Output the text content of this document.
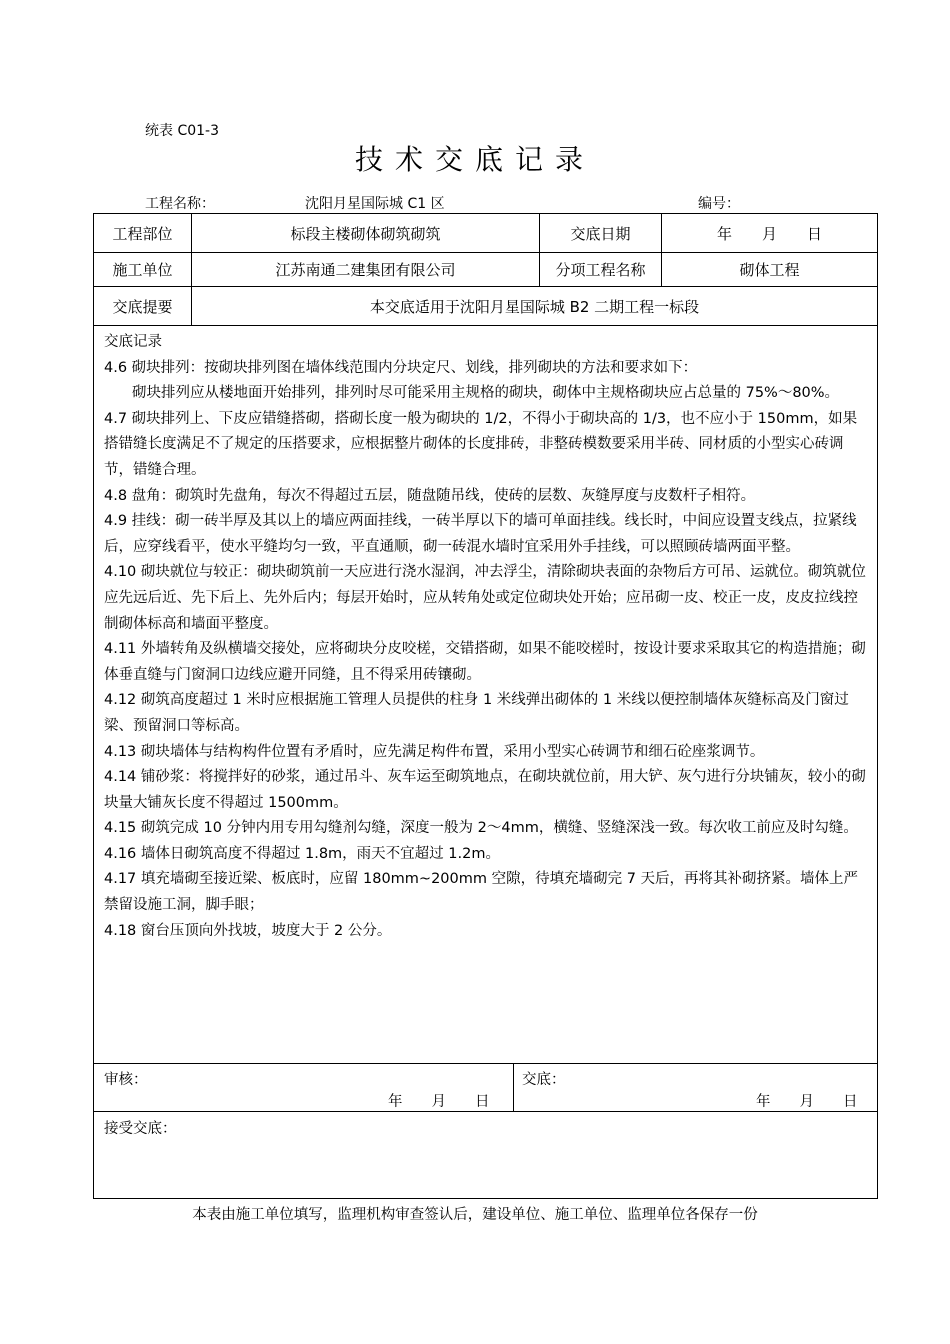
统表 C01-3
技术交底记录
工程名称：	沈阳月星国际城 C1 区	编号：
工程部位	标段主楼砌体砌筑砌筑	交底日期	年　　月　　日
施工单位	江苏南通二建集团有限公司	分项工程名称	砌体工程
交底提要	本交底适用于沈阳月星国际城 B2 二期工程一标段

交底记录

4.6 砌块排列：按砌块排列图在墙体线范围内分块定尺、划线，排列砌块的方法和要求如下：

砌块排列应从楼地面开始排列，排列时尽可能采用主规格的砌块，砌体中主规格砌块应占总量的 75%～80%。

4.7 砌块排列上、下皮应错缝搭砌，搭砌长度一般为砌块的 1/2，不得小于砌块高的 1/3，也不应小于 150mm，如果搭错缝长度满足不了规定的压搭要求，应根据整片砌体的长度排砖，非整砖模数要采用半砖、同材质的小型实心砖调节，错缝合理。

4.8 盘角：砌筑时先盘角，每次不得超过五层，随盘随吊线，使砖的层数、灰缝厚度与皮数杆子相符。

4.9 挂线：砌一砖半厚及其以上的墙应两面挂线，一砖半厚以下的墙可单面挂线。线长时，中间应设置支线点，拉紧线后，应穿线看平，使水平缝均匀一致，平直通顺，砌一砖混水墙时宜采用外手挂线，可以照顾砖墙两面平整。

4.10 砌块就位与较正：砌块砌筑前一天应进行浇水湿润，冲去浮尘，清除砌块表面的杂物后方可吊、运就位。砌筑就位应先远后近、先下后上、先外后内；每层开始时，应从转角处或定位砌块处开始；应吊砌一皮、校正一皮，皮皮拉线控制砌体标高和墙面平整度。

4.11 外墙转角及纵横墙交接处，应将砌块分皮咬槎，交错搭砌，如果不能咬槎时，按设计要求采取其它的构造措施；砌体垂直缝与门窗洞口边线应避开同缝，且不得采用砖镶砌。

4.12 砌筑高度超过 1 米时应根据施工管理人员提供的柱身 1 米线弹出砌体的 1 米线以便控制墙体灰缝标高及门窗过梁、预留洞口等标高。

4.13 砌块墙体与结构构件位置有矛盾时，应先满足构件布置，采用小型实心砖调节和细石砼座浆调节。

4.14 铺砂浆：将搅拌好的砂浆，通过吊斗、灰车运至砌筑地点，在砌块就位前，用大铲、灰勺进行分块铺灰，较小的砌块量大铺灰长度不得超过 1500mm。

4.15 砌筑完成 10 分钟内用专用勾缝剂勾缝，深度一般为 2～4mm，横缝、竖缝深浅一致。每次收工前应及时勾缝。

4.16 墙体日砌筑高度不得超过 1.8m，雨天不宜超过 1.2m。

4.17 填充墙砌至接近梁、板底时，应留 180mm~200mm 空隙，待填充墙砌完 7 天后，再将其补砌挤紧。墙体上严禁留设施工洞，脚手眼；

4.18 窗台压顶向外找坡，坡度大于 2 公分。

审核：
年　　月　　日
交底：
年　　月　　日
接受交底：
本表由施工单位填写，监理机构审查签认后，建设单位、施工单位、监理单位各保存一份
